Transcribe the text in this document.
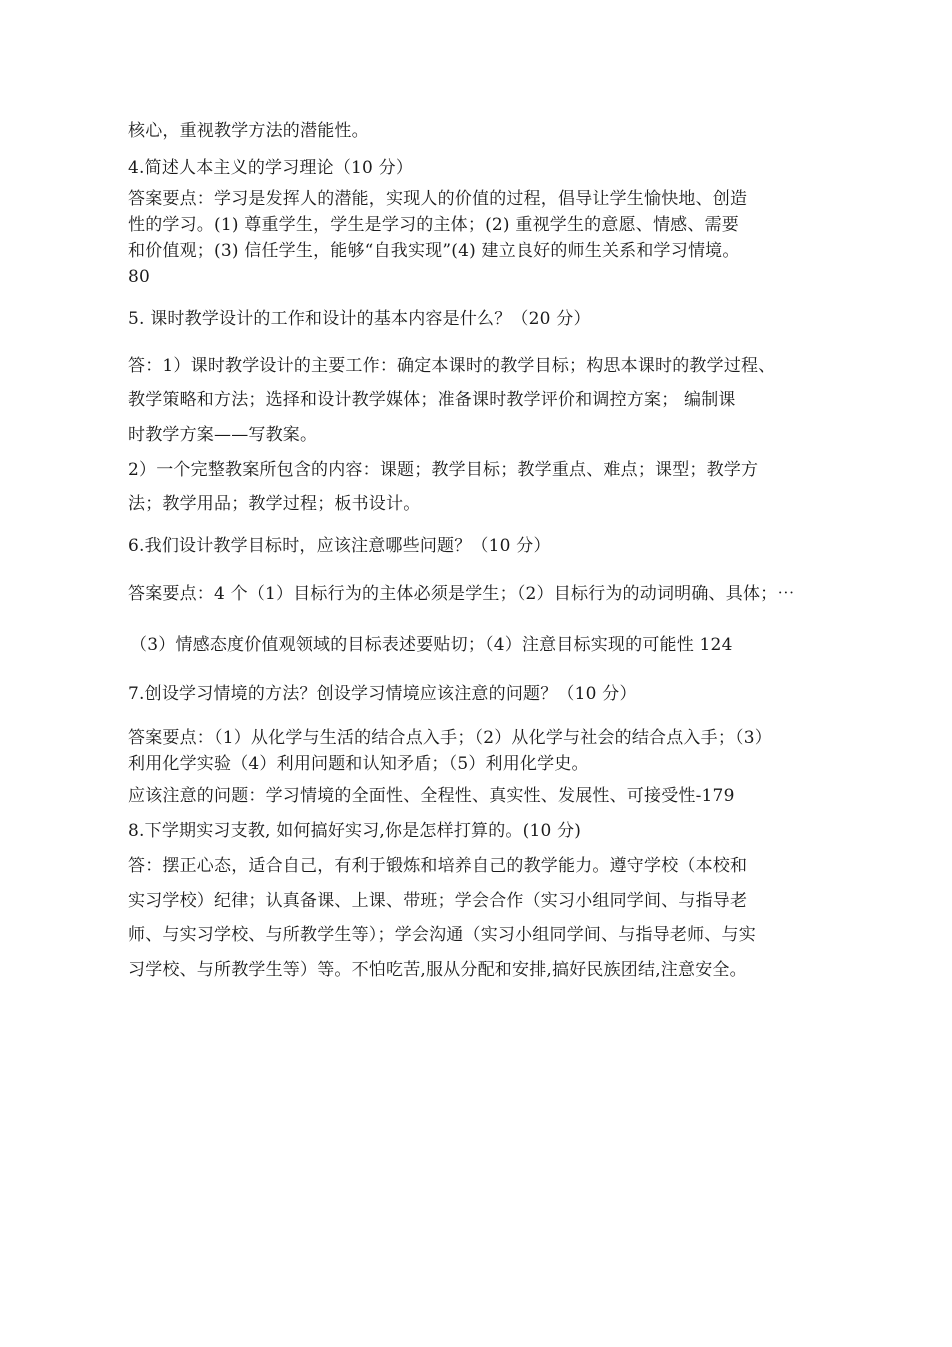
核心，重视教学方法的潜能性。
4.简述人本主义的学习理论（10 分）
答案要点：学习是发挥人的潜能，实现人的价值的过程，倡导让学生愉快地、创造
性的学习。(1) 尊重学生，学生是学习的主体；(2) 重视学生的意愿、情感、需要
和价值观；(3) 信任学生，能够“自我实现”(4) 建立良好的师生关系和学习情境。
80
5. 课时教学设计的工作和设计的基本内容是什么？（20 分）
答：1）课时教学设计的主要工作：确定本课时的教学目标；构思本课时的教学过程、
教学策略和方法；选择和设计教学媒体；准备课时教学评价和调控方案； 编制课
时教学方案——写教案。
2）一个完整教案所包含的内容：课题；教学目标；教学重点、难点；课型；教学方
法；教学用品；教学过程；板书设计。
6.我们设计教学目标时，应该注意哪些问题？（10 分）
答案要点：4 个（1）目标行为的主体必须是学生；（2）目标行为的动词明确、具体；⋯
（3）情感态度价值观领域的目标表述要贴切；（4）注意目标实现的可能性 124
7.创设学习情境的方法？创设学习情境应该注意的问题？（10 分）
答案要点：（1）从化学与生活的结合点入手；（2）从化学与社会的结合点入手；（3）
利用化学实验（4）利用问题和认知矛盾；（5）利用化学史。
应该注意的问题：学习情境的全面性、全程性、真实性、发展性、可接受性-179
8.下学期实习支教, 如何搞好实习,你是怎样打算的。(10 分)
答：摆正心态，适合自己，有利于锻炼和培养自己的教学能力。遵守学校（本校和
实习学校）纪律；认真备课、上课、带班；学会合作（实习小组同学间、与指导老
师、与实习学校、与所教学生等）；学会沟通（实习小组同学间、与指导老师、与实
习学校、与所教学生等）等。不怕吃苦,服从分配和安排,搞好民族团结,注意安全。
